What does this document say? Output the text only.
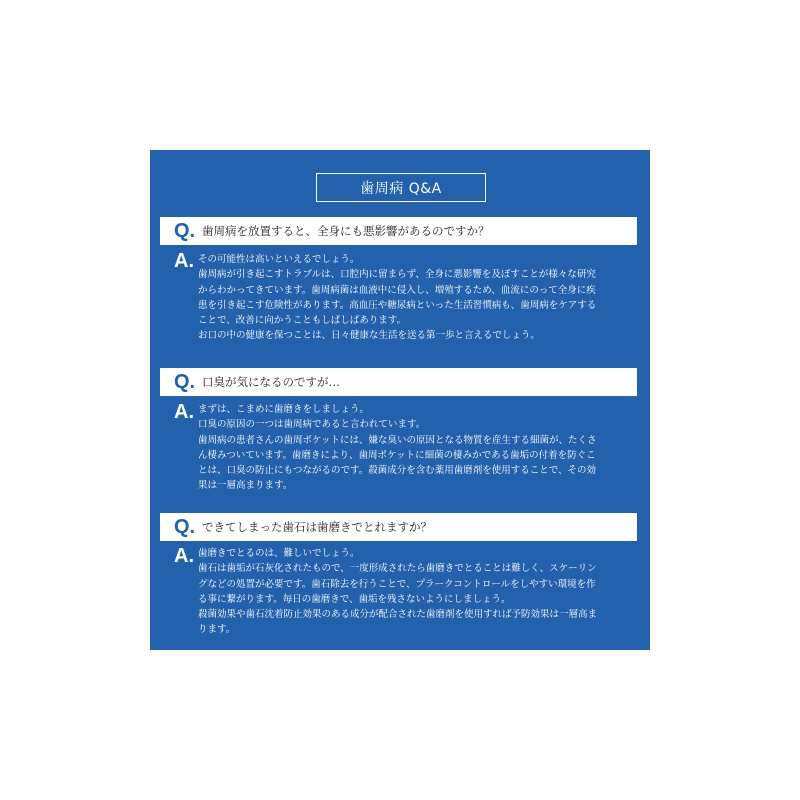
歯周病 Q&A
Q. 歯周病を放置すると、全身にも悪影響があるのですか？
A. その可能性は高いといえるでしょう。
歯周病が引き起こすトラブルは、口腔内に留まらず、全身に悪影響を及ぼすことが様々な研究
からわかってきています。歯周病菌は血液中に侵入し、増殖するため、血流にのって全身に疾
患を引き起こす危険性があります。高血圧や糖尿病といった生活習慣病も、歯周病をケアする
ことで、改善に向かうこともしばしばあります。
お口の中の健康を保つことは、日々健康な生活を送る第一歩と言えるでしょう。
Q. 口臭が気になるのですが…
A. まずは、こまめに歯磨きをしましょう。
口臭の原因の一つは歯周病であると言われています。
歯周病の患者さんの歯周ポケットには、嫌な臭いの原因となる物質を産生する細菌が、たくさ
ん棲みついています。歯磨きにより、歯周ポケットに細菌の棲みかである歯垢の付着を防ぐこ
とは、口臭の防止にもつながるのです。殺菌成分を含む薬用歯磨剤を使用することで、その効
果は一層高まります。
Q. できてしまった歯石は歯磨きでとれますか？
A. 歯磨きでとるのは、難しいでしょう。
歯石は歯垢が石灰化されたもので、一度形成されたら歯磨きでとることは難しく、スケーリン
グなどの処置が必要です。歯石除去を行うことで、プラークコントロールをしやすい環境を作
る事に繋がります。毎日の歯磨きで、歯垢を残さないようにしましょう。
殺菌効果や歯石沈着防止効果のある成分が配合された歯磨剤を使用すれば予防効果は一層高ま
ります。
